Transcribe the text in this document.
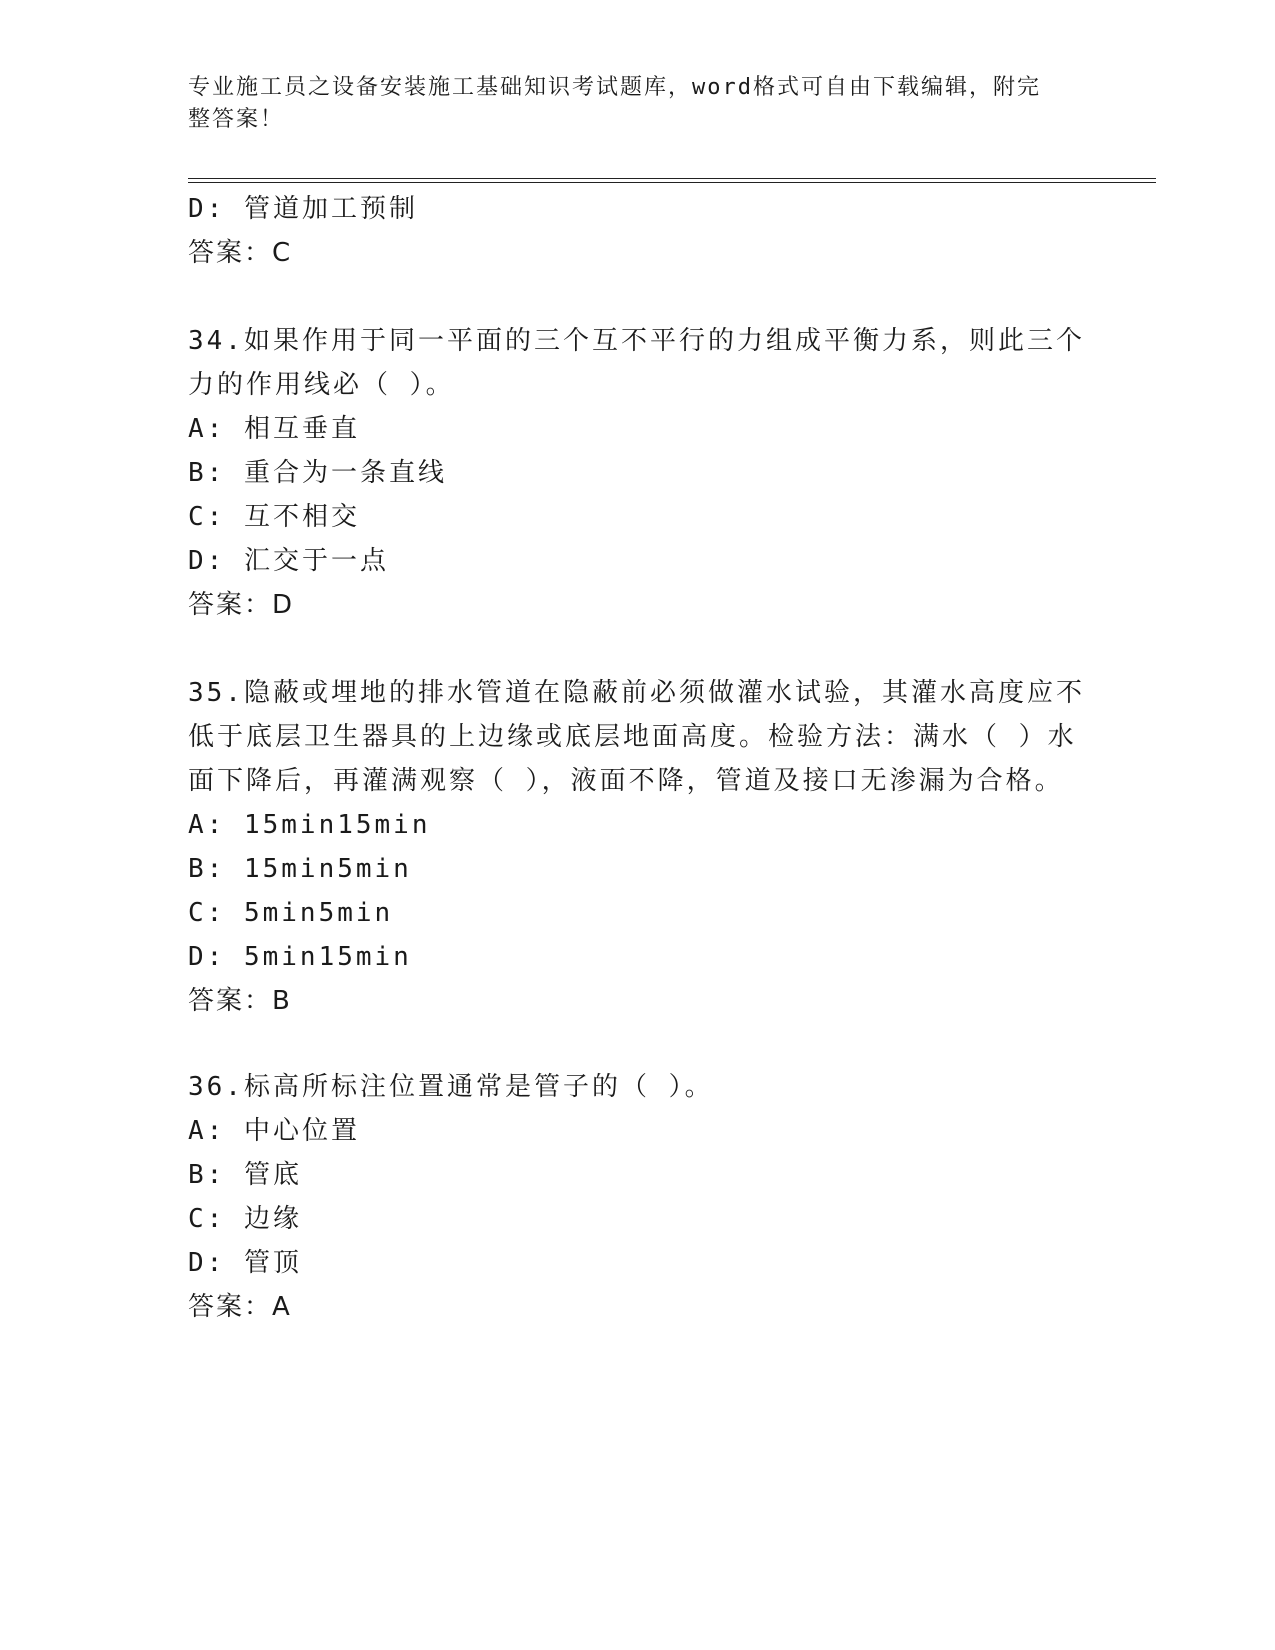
专业施工员之设备安装施工基础知识考试题库，word格式可自由下载编辑，附完
整答案！
D: 管道加工预制
答案：C
34.如果作用于同一平面的三个互不平行的力组成平衡力系，则此三个
力的作用线必（ ）。
A: 相互垂直
B: 重合为一条直线
C: 互不相交
D: 汇交于一点
答案：D
35.隐蔽或埋地的排水管道在隐蔽前必须做灌水试验，其灌水高度应不
低于底层卫生器具的上边缘或底层地面高度。检验方法：满水（ ）水
面下降后，再灌满观察（ ），液面不降，管道及接口无渗漏为合格。
A: 15min15min
B: 15min5min
C: 5min5min
D: 5min15min
答案：B
36.标高所标注位置通常是管子的（ ）。
A: 中心位置
B: 管底
C: 边缘
D: 管顶
答案：A
